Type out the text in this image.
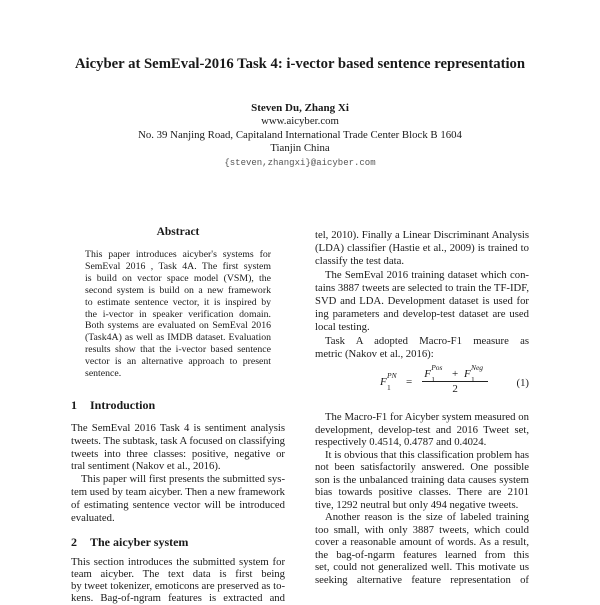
Aicyber at SemEval-2016 Task 4: i-vector based sentence representation
Steven Du, Zhang Xi
www.aicyber.com
No. 39 Nanjing Road, Capitaland International Trade Center Block B 1604
Tianjin China
{steven,zhangxi}@aicyber.com
Abstract
1 Introduction
2 The aicyber system
F
PN
1 = F
Pos
1 + F
Neg
1
2	(1)
This paper introduces aicyber's systems for
SemEval 2016 , Task 4A. The first system
is build on vector space model (VSM), the
second system is build on a new framework
to estimate sentence vector, it is inspired by
the i-vector in speaker verification domain.
Both systems are evaluated on SemEval 2016
(Task4A) as well as IMDB dataset. Evaluation
results show that the i-vector based sentence
vector is an alternative approach to present
sentence.
The SemEval 2016 Task 4 is sentiment analysis
tweets. The subtask, task A focused on classifying
tweets into three classes: positive, negative or
tral sentiment (Nakov et al., 2016).
This paper will first presents the submitted sys-
tem used by team aicyber. Then a new framework
of estimating sentence vector will be introduced
evaluated.
This section introduces the submitted system for
team aicyber. The text data is first being
by tweet tokenizer, emoticons are preserved as to-
kens. Bag-of-ngram features is extracted and
tel, 2010). Finally a Linear Discriminant Analysis
(LDA) classifier (Hastie et al., 2009) is trained to
classify the test data.
The SemEval 2016 training dataset which con-
tains 3887 tweets are selected to train the TF-IDF,
SVD and LDA. Development dataset is used for
ing parameters and develop-test dataset are used
local testing.
Task A adopted Macro-F1 measure as
metric (Nakov et al., 2016):
The Macro-F1 for Aicyber system measured on
development, develop-test and 2016 Tweet set,
respectively 0.4514, 0.4787 and 0.4024.
It is obvious that this classification problem has
not been satisfactorily answered. One possible
son is the unbalanced training data causes system
bias towards positive classes. There are 2101
tive, 1292 neutral but only 494 negative tweets.
Another reason is the size of labeled training
too small, with only 3887 tweets, which could
cover a reasonable amount of words. As a result,
the bag-of-ngarm features learned from this
set, could not generalized well. This motivate us
seeking alternative feature representation of
